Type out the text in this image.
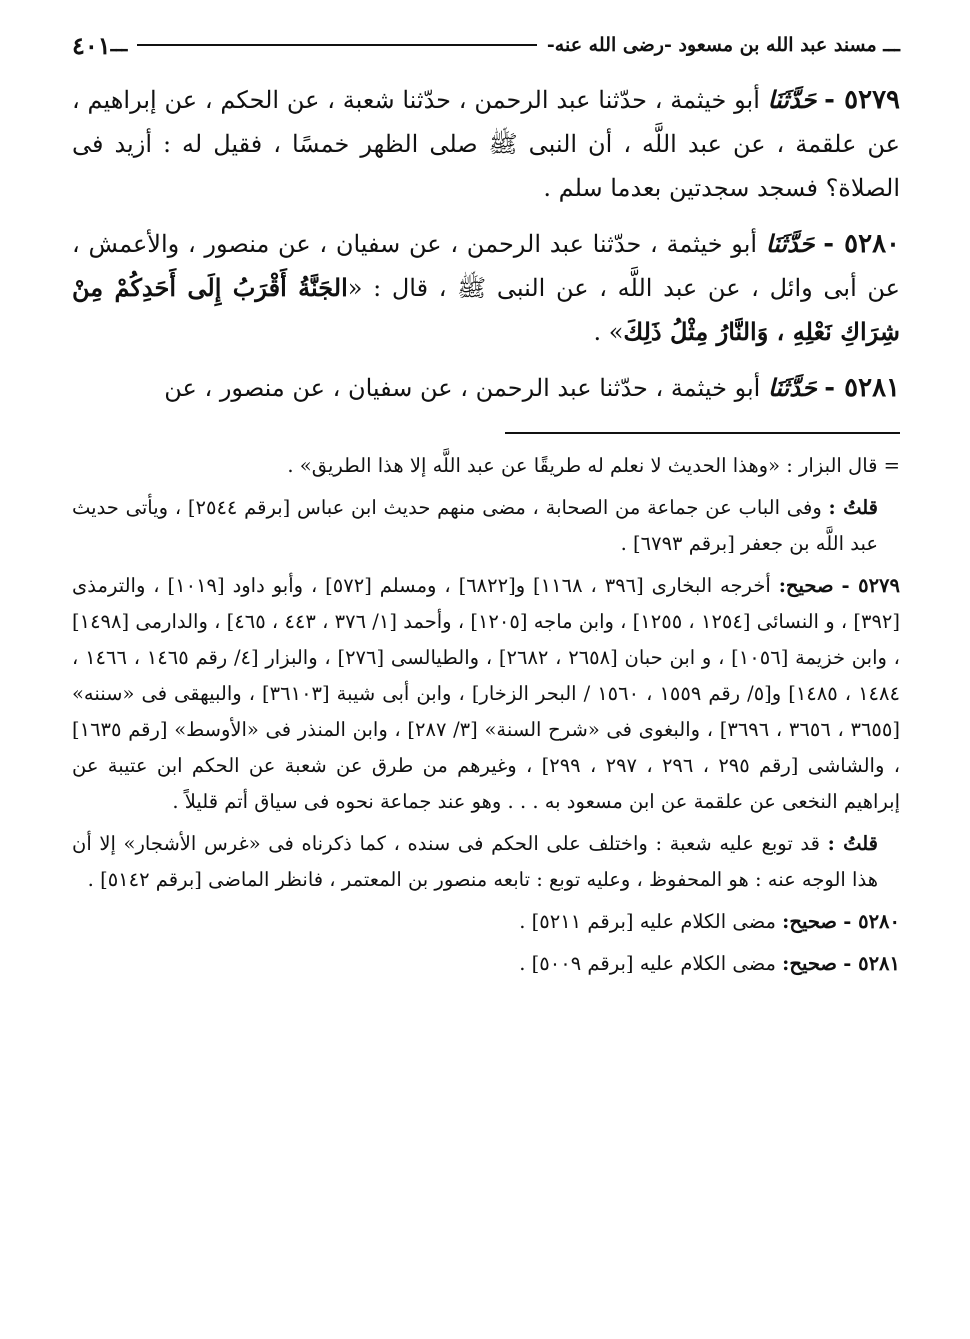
ـــ مسند عبد الله بن مسعود -رضى الله عنه-
ـــ
٤٠١

٥٢٧٩ - حَدَّثَنَا أبو خيثمة ، حدّثنا عبد الرحمن ، حدّثنا شعبة ، عن الحكم ، عن إبراهيم ، عن علقمة ، عن عبد اللَّه ، أن النبى ﷺ صلى الظهر خمسًا ، فقيل له : أزيد فى الصلاة؟ فسجد سجدتين بعدما سلم .

٥٢٨٠ - حَدَّثَنَا أبو خيثمة ، حدّثنا عبد الرحمن ، عن سفيان ، عن منصور ، والأعمش ، عن أبى وائل ، عن عبد اللَّه ، عن النبى ﷺ ، قال : «الجَنَّةُ أَقْرَبُ إِلَى أَحَدِكُمْ مِنْ شِرَاكِ نَعْلِهِ ، وَالنَّارُ مِثْلُ ذَلِكَ» .

٥٢٨١ - حَدَّثَنَا أبو خيثمة ، حدّثنا عبد الرحمن ، عن سفيان ، عن منصور ، عن

= قال البزار : «وهذا الحديث لا نعلم له طريقًا عن عبد اللَّه إلا هذا الطريق» .

قلتُ : وفى الباب عن جماعة من الصحابة ، مضى منهم حديث ابن عباس [برقم ٢٥٤٤] ، ويأتى حديث عبد اللَّه بن جعفر [برقم ٦٧٩٣] .

٥٢٧٩ - صحيح: أخرجه البخارى [٣٩٦ ، ١١٦٨] و[٦٨٢٢] ، ومسلم [٥٧٢] ، وأبو داود [١٠١٩] ، والترمذى [٣٩٢] ، و النسائى [١٢٥٤ ، ١٢٥٥] ، وابن ماجه [١٢٠٥] ، وأحمد [١/ ٣٧٦ ، ٤٤٣ ، ٤٦٥] ، والدارمى [١٤٩٨] ، وابن خزيمة [١٠٥٦] ، و ابن حبان [٢٦٥٨ ، ٢٦٨٢] ، والطيالسى [٢٧٦] ، والبزار [٤/ رقم ١٤٦٥ ، ١٤٦٦ ، ١٤٨٤ ، ١٤٨٥] و[٥/ رقم ١٥٥٩ ، ١٥٦٠ / البحر الزخار] ، وابن أبى شيبة [٣٦١٠٣] ، والبيهقى فى «سننه» [٣٦٥٥ ، ٣٦٥٦ ، ٣٦٩٦] ، والبغوى فى «شرح السنة» [٣/ ٢٨٧] ، وابن المنذر فى «الأوسط» [رقم ١٦٣٥] ، والشاشى [رقم ٢٩٥ ، ٢٩٦ ، ٢٩٧ ، ٢٩٩] ، وغيرهم من طرق عن شعبة عن الحكم ابن عتيبة عن إبراهيم النخعى عن علقمة عن ابن مسعود به . . . وهو عند جماعة نحوه فى سياق أتم قليلاً .

قلتُ : قد توبع عليه شعبة : واختلف على الحكم فى سنده ، كما ذكرناه فى «غرس الأشجار» إلا أن هذا الوجه عنه : هو المحفوظ ، وعليه توبع : تابعه منصور بن المعتمر ، فانظر الماضى [برقم ٥١٤٢] .

٥٢٨٠ - صحيح: مضى الكلام عليه [برقم ٥٢١١] .

٥٢٨١ - صحيح: مضى الكلام عليه [برقم ٥٠٠٩] .
